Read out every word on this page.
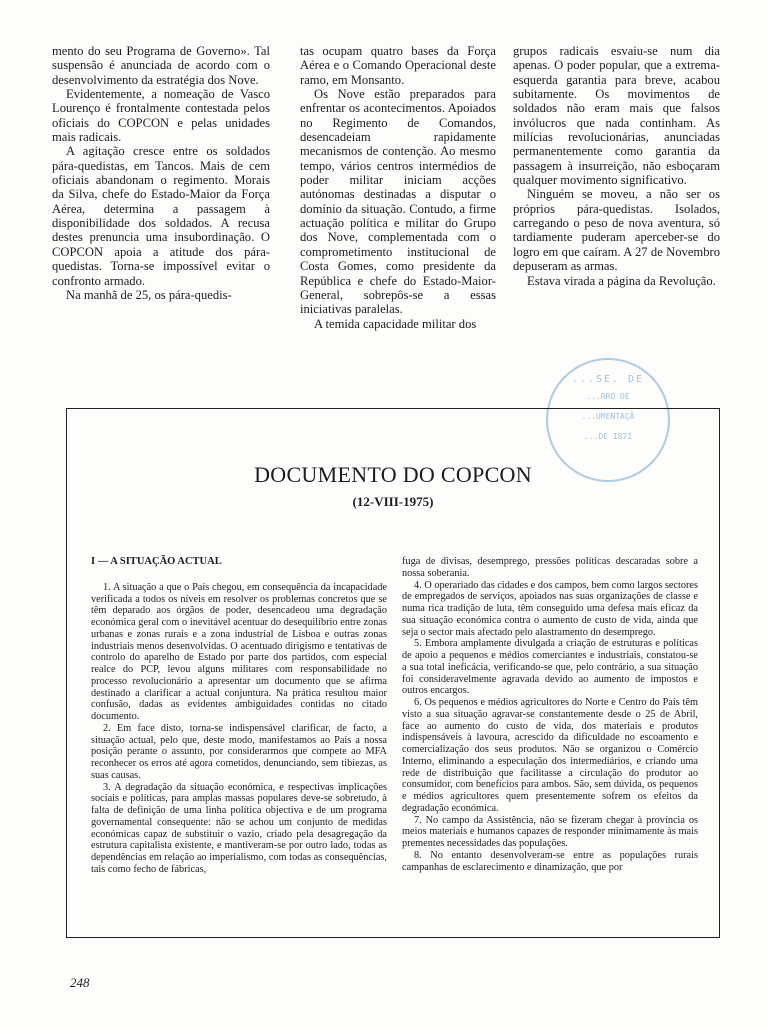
mento do seu Programa de Governo». Tal suspensão é anunciada de acordo com o desenvolvimento da estratégia dos Nove.

Evidentemente, a nomeação de Vasco Lourenço é frontalmente contestada pelos oficiais do COPCON e pelas unidades mais radicais.

A agitação cresce entre os soldados pára-quedistas, em Tancos. Mais de cem oficiais abandonam o regimento. Morais da Silva, chefe do Estado-Maior da Força Aérea, determina a passagem à disponibilidade dos soldados. A recusa destes prenuncia uma insubordinação. O COPCON apoia a atitude dos pára-quedistas. Torna-se impossível evitar o confronto armado.

Na manhã de 25, os pára-quedis-

tas ocupam quatro bases da Força Aérea e o Comando Operacional deste ramo, em Monsanto.

Os Nove estão preparados para enfrentar os acontecimentos. Apoiados no Regimento de Comandos, desencadeiam rapidamente mecanismos de contenção. Ao mesmo tempo, vários centros intermédios de poder militar iniciam acções autónomas destinadas a disputar o domínio da situação. Contudo, a firme actuação política e militar do Grupo dos Nove, complementada com o comprometimento institucional de Costa Gomes, como presidente da República e chefe do Estado-Maior-General, sobrepôs-se a essas iniciativas paralelas.

A temida capacidade militar dos

grupos radicais esvaiu-se num dia apenas. O poder popular, que a extrema-esquerda garantia para breve, acabou subitamente. Os movimentos de soldados não eram mais que falsos invólucros que nada continham. As milícias revolucionárias, anunciadas permanentemente como garantia da passagem à insurreição, não esboçaram qualquer movimento significativo.

Ninguém se moveu, a não ser os próprios pára-quedistas. Isolados, carregando o peso de nova aventura, só tardiamente puderam aperceber-se do logro em que caíram. A 27 de Novembro depuseram as armas.

Estava virada a página da Revolução.

...SE. DE
...RRO DE
...UMENTAÇÃ
...DE 1871
DOCUMENTO DO COPCON
(12-VIII-1975)

I — A SITUAÇÃO ACTUAL

1. A situação a que o País chegou, em consequência da incapacidade verificada a todos os níveis em resolver os problemas concretos que se têm deparado aos órgãos de poder, desencadeou uma degradação económica geral com o inevitável acentuar do desequilíbrio entre zonas urbanas e zonas rurais e a zona industrial de Lisboa e outras zonas industriais menos desenvolvidas. O acentuado dirigismo e tentativas de controlo do aparelho de Estado por parte dos partidos, com especial realce do PCP, levou alguns militares com responsabilidade no processo revolucionário a apresentar um documento que se afirma destinado a clarificar a actual conjuntura. Na prática resultou maior confusão, dadas as evidentes ambiguidades contidas no citado documento.

2. Em face disto, torna-se indispensável clarificar, de facto, a situação actual, pelo que, deste modo, manifestamos ao País a nossa posição perante o assunto, por considerarmos que compete ao MFA reconhecer os erros até agora cometidos, denunciando, sem tibiezas, as suas causas.

3. A degradação da situação económica, e respectivas implicações sociais e políticas, para amplas massas populares deve-se sobretudo, à falta de definição de uma linha política objectiva e de um programa governamental consequente: não se achou um conjunto de medidas económicas capaz de substituir o vazio, criado pela desagregação da estrutura capitalista existente, e mantiveram-se por outro lado, todas as dependências em relação ao imperialismo, com todas as consequências, tais como fecho de fábricas,

fuga de divisas, desemprego, pressões políticas descaradas sobre a nossa soberania.

4. O operariado das cidades e dos campos, bem como largos sectores de empregados de serviços, apoiados nas suas organizações de classe e numa rica tradição de luta, têm conseguido uma defesa mais eficaz da sua situação económica contra o aumento de custo de vida, ainda que seja o sector mais afectado pelo alastramento do desemprego.

5. Embora amplamente divulgada a criação de estruturas e políticas de apoio a pequenos e médios comerciantes e industriais, constatou-se a sua total ineficácia, verificando-se que, pelo contrário, a sua situação foi consideravelmente agravada devido ao aumento de impostos e outros encargos.

6. Os pequenos e médios agricultores do Norte e Centro do País têm visto a sua situação agravar-se constantemente desde o 25 de Abril, face ao aumento do custo de vida, dos materiais e produtos indispensáveis à lavoura, acrescido da dificuldade no escoamento e comercialização dos seus produtos. Não se organizou o Comércio Interno, eliminando a especulação dos intermediários, e criando uma rede de distribuição que facilitasse a circulação do produtor ao consumidor, com benefícios para ambos. São, sem dúvida, os pequenos e médios agricultores quem presentemente sofrem os efeitos da degradação económica.

7. No campo da Assistência, não se fizeram chegar à província os meios materiais e humanos capazes de responder minimamente às mais prementes necessidades das populações.

8. No entanto desenvolveram-se entre as populações rurais campanhas de esclarecimento e dinamização, que por

248
